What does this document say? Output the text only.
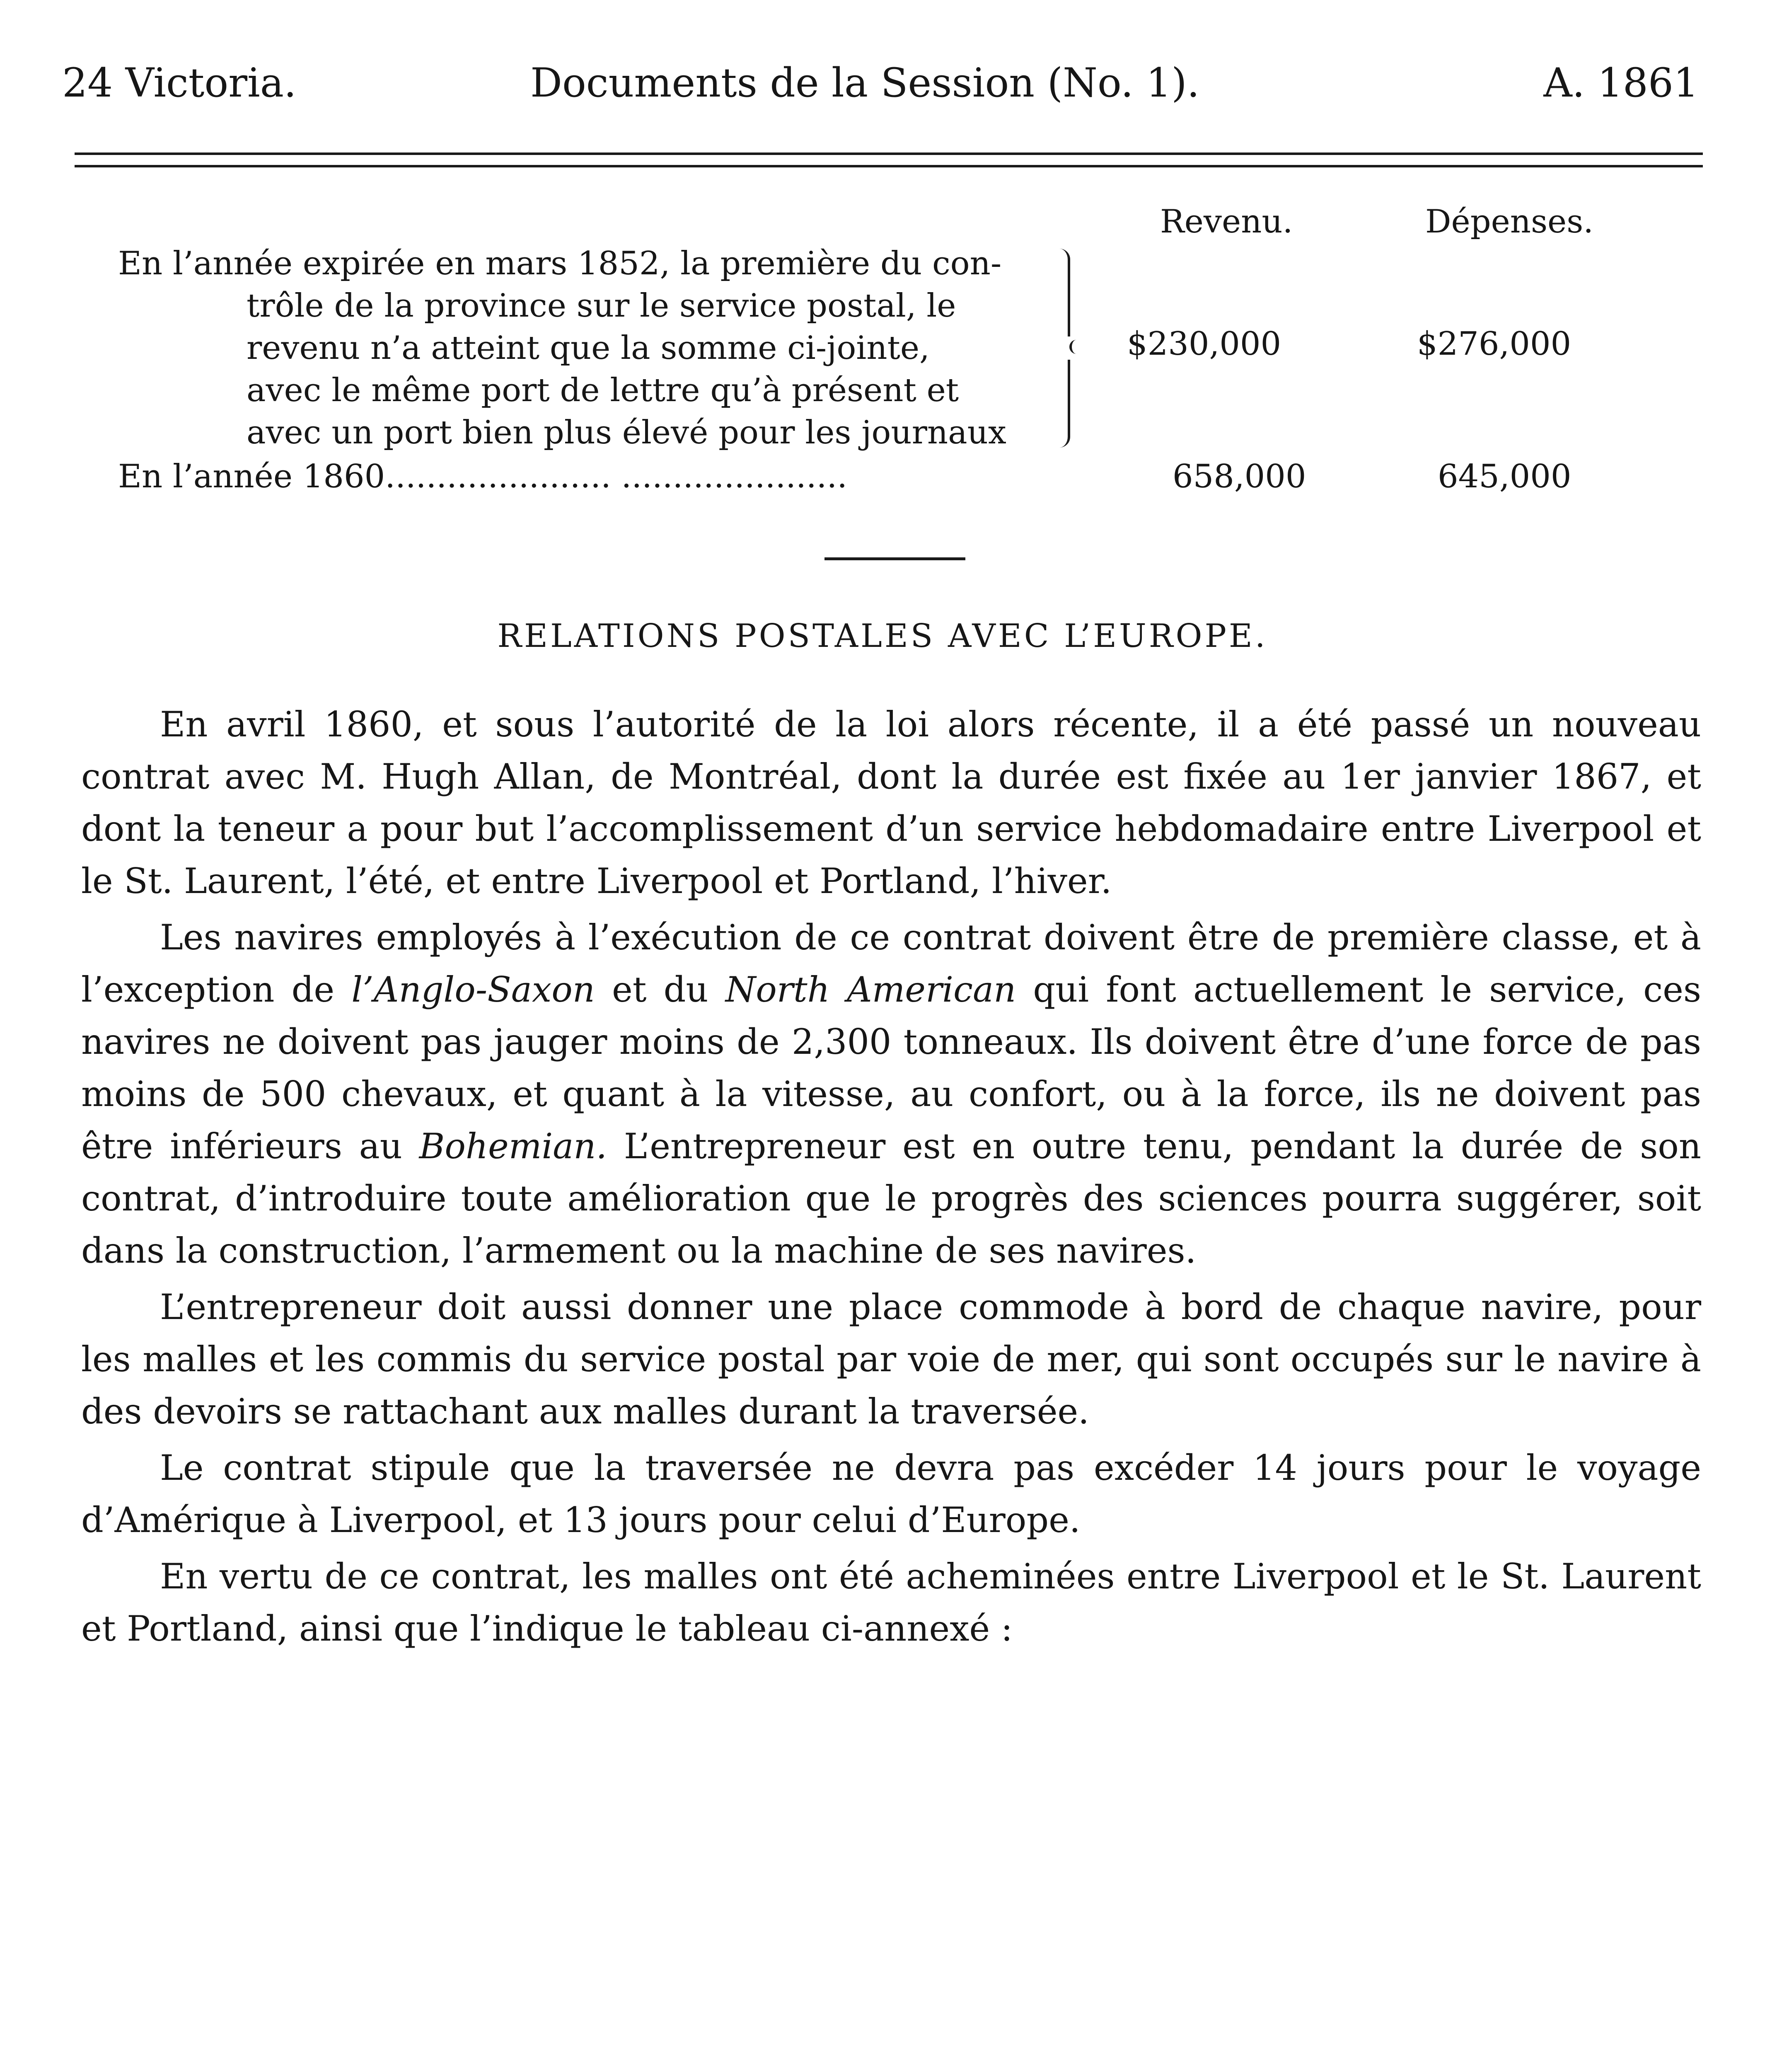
24 Victoria.	Documents de la Session (No. 1).	A. 1861
Revenu.	Dépenses.
En l’année expirée en mars 1852, la première du con-
trôle de la province sur le service postal, le
revenu n’a atteint que la somme ci-jointe,
avec le même port de lettre qu’à présent et
avec un port bien plus élevé pour les journaux
$230,000	$276,000
En l’année 1860...................... ......................	658,000	645,000
RELATIONS POSTALES AVEC L’EUROPE.

En avril 1860, et sous l’autorité de la loi alors récente, il a été passé un nouveau contrat avec M. Hugh Allan, de Montréal, dont la durée est fixée au 1er janvier 1867, et dont la teneur a pour but l’accomplissement d’un service hebdomadaire entre Liverpool et le St. Laurent, l’été, et entre Liverpool et Portland, l’hiver.

Les navires employés à l’exécution de ce contrat doivent être de première classe, et à l’exception de l’Anglo-Saxon et du North American qui font actuellement le service, ces navires ne doivent pas jauger moins de 2,300 tonneaux. Ils doivent être d’une force de pas moins de 500 chevaux, et quant à la vitesse, au confort, ou à la force, ils ne doivent pas être inférieurs au Bohemian. L’entrepreneur est en outre tenu, pendant la durée de son contrat, d’introduire toute amélioration que le progrès des sciences pourra suggérer, soit dans la construction, l’armement ou la machine de ses navires.

L’entrepreneur doit aussi donner une place commode à bord de chaque navire, pour les malles et les commis du service postal par voie de mer, qui sont occupés sur le navire à des devoirs se rattachant aux malles durant la traversée.

Le contrat stipule que la traversée ne devra pas excéder 14 jours pour le voyage d’Amérique à Liverpool, et 13 jours pour celui d’Europe.

En vertu de ce contrat, les malles ont été acheminées entre Liverpool et le St. Laurent et Portland, ainsi que l’indique le tableau ci-annexé :
